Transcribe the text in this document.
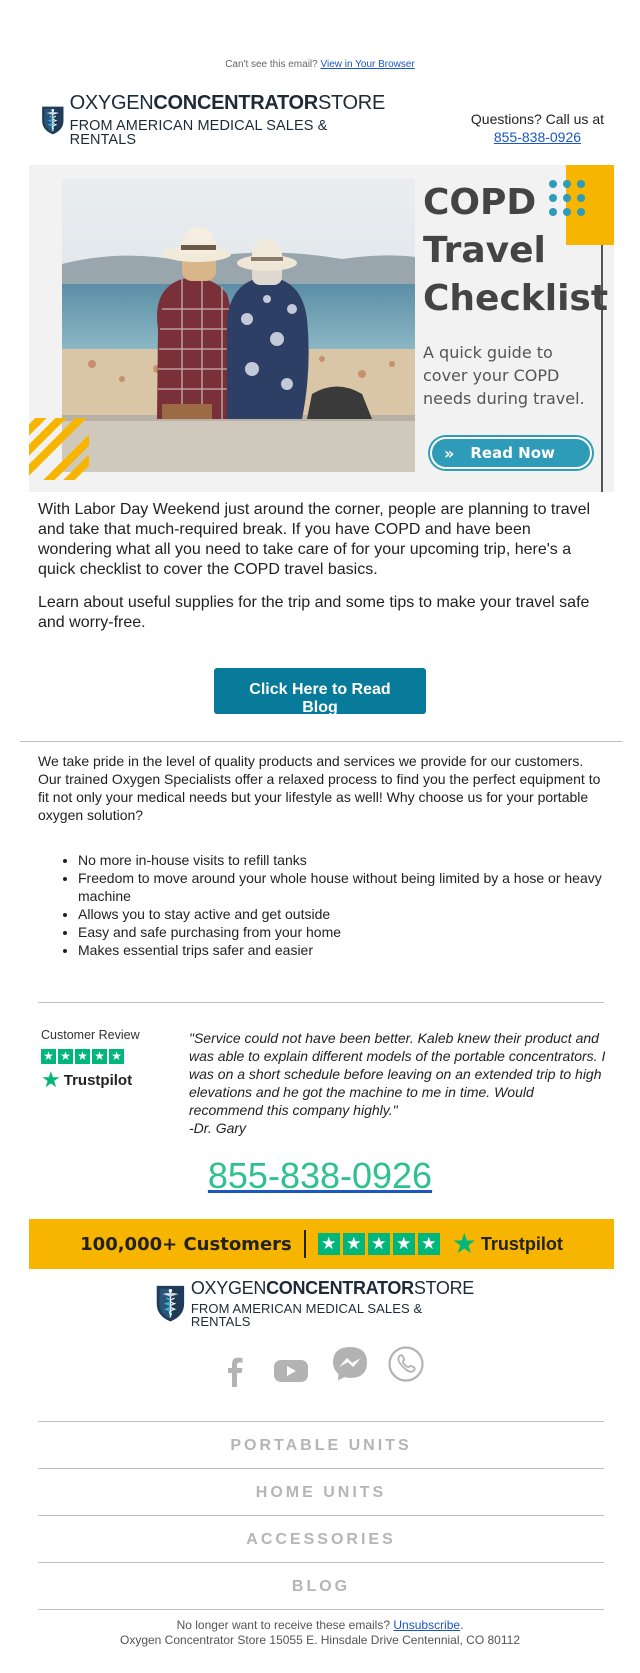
Can't see this email? View in Your Browser
OXYGENCONCENTRATORSTORE
FROM AMERICAN MEDICAL SALES & RENTALS
Questions? Call us at
855-838-0926
COPD
Travel
Checklist
A quick guide to cover your COPD needs during travel.
» Read Now

With Labor Day Weekend just around the corner, people are planning to travel and take that much-required break. If you have COPD and have been wondering what all you need to take care of for your upcoming trip, here's a quick checklist to cover the COPD travel basics.

Learn about useful supplies for the trip and some tips to make your travel safe and worry-free.

Click Here to Read Blog

We take pride in the level of quality products and services we provide for our customers. Our trained Oxygen Specialists offer a relaxed process to find you the perfect equipment to fit not only your medical needs but your lifestyle as well! Why choose us for your portable oxygen solution?

• No more in-house visits to refill tanks
• Freedom to move around your whole house without being limited by a hose or heavy machine
• Allows you to stay active and get outside
• Easy and safe purchasing from your home
• Makes essential trips safer and easier
Customer Review
★ ★ ★ ★ ★
★ Trustpilot
"Service could not have been better. Kaleb knew their product and was able to explain different models of the portable concentrators. I was on a short schedule before leaving on an extended trip to high elevations and he got the machine to me in time. Would recommend this company highly."
-Dr. Gary
855-838-0926
100,000+ Customers ★ ★ ★ ★ ★ ★ Trustpilot
OXYGENCONCENTRATORSTORE
FROM AMERICAN MEDICAL SALES & RENTALS
PORTABLE UNITS
HOME UNITS
ACCESSORIES
BLOG
No longer want to receive these emails? Unsubscribe.
Oxygen Concentrator Store 15055 E. Hinsdale Drive Centennial, CO 80112
